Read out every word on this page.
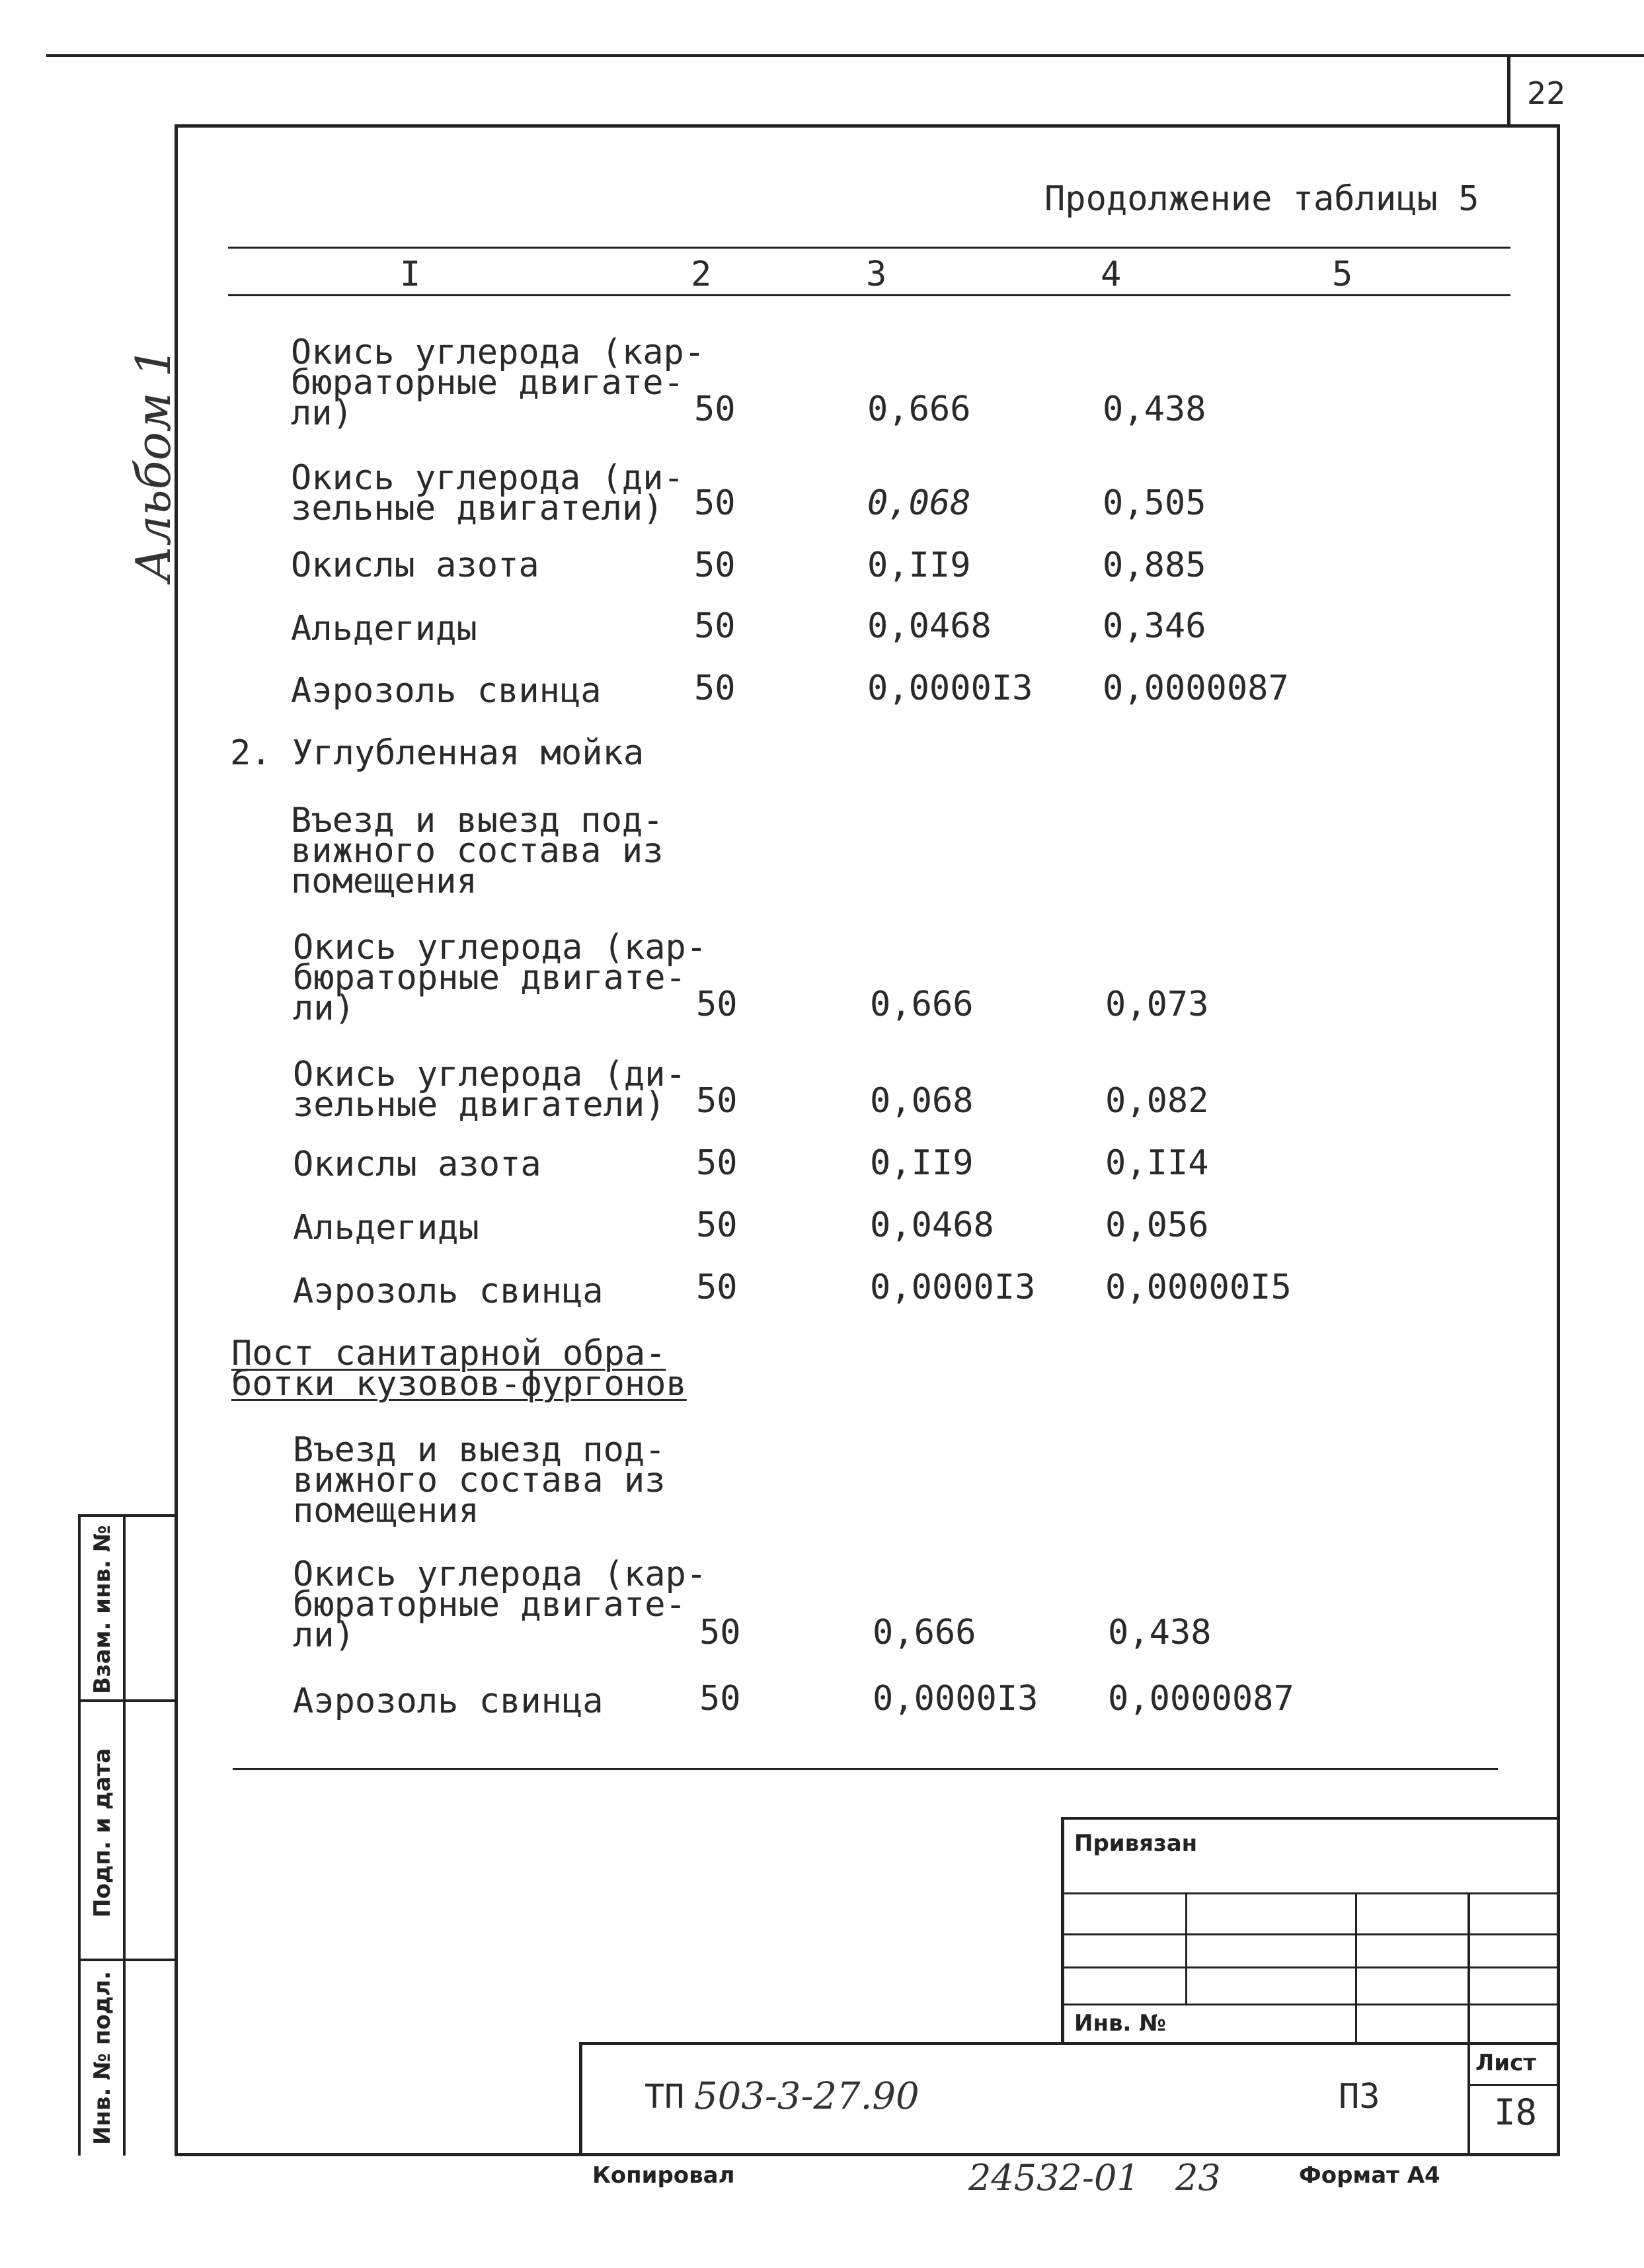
22
Альбом 1
Продолжение таблицы 5
I	2	3	4	5
Окись углерода (кар-
бюраторные двигате-
ли)	50	0,666	0,438
Окись углерода (ди-
зельные двигатели) 50	0,068	0,505
Окислы азота	50	0,II9	0,885
Альдегиды	50	0,0468	0,346
Аэрозоль свинца	50	0,0000I3 0,0000087
2. Углубленная мойка
Въезд и выезд под-
вижного состава из
помещения
Окись углерода (кар-
бюраторные двигате-
ли)	50	0,666	0,073
Окись углерода (ди-
зельные двигатели) 50	0,068	0,082
Окислы азота	50	0,II9	0,II4
Альдегиды	50	0,0468	0,056
Аэрозоль свинца	50	0,0000I3 0,00000I5
Пост санитарной обра-
ботки кузовов-фургонов
Въезд и выезд под-
вижного состава из
помещения
Окись углерода (кар-
бюраторные двигате-
ли)	50	0,666	0,438
Аэрозоль свинца	50	0,0000I3 0,0000087
Взам. инв. №
Подп. и дата
Инв. № подл.
Привязан
Инв. №
Лист
I8
ТП 503-3-27.90	ПЗ
Копировал	24532-01 23	Формат А4
